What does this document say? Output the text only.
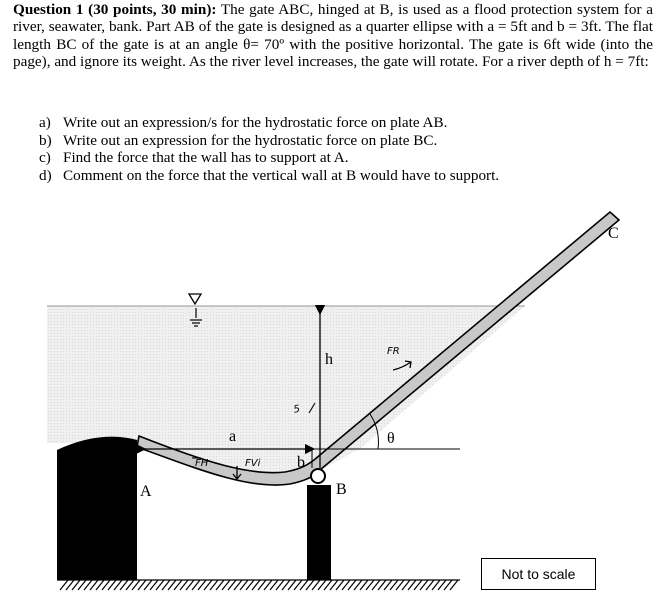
Question 1 (30 points, 30 min): The gate ABC, hinged at B, is used as a flood protection system for a river, seawater, bank. Part AB of the gate is designed as a quarter ellipse with a = 5ft and b = 3ft. The flat length BC of the gate is at an angle θ= 70º with the positive horizontal. The gate is 6ft wide (into the page), and ignore its weight. As the river level increases, the gate will rotate. For a river depth of h = 7ft:
a) Write out an expression/s for the hydrostatic force on plate AB.
b) Write out an expression for the hydrostatic force on plate BC.
c) Find the force that the wall has to support at A.
d) Comment on the force that the vertical wall at B would have to support.
A	B
C
a
b
h
θ
FR
FH	FVi
5
Not to scale
